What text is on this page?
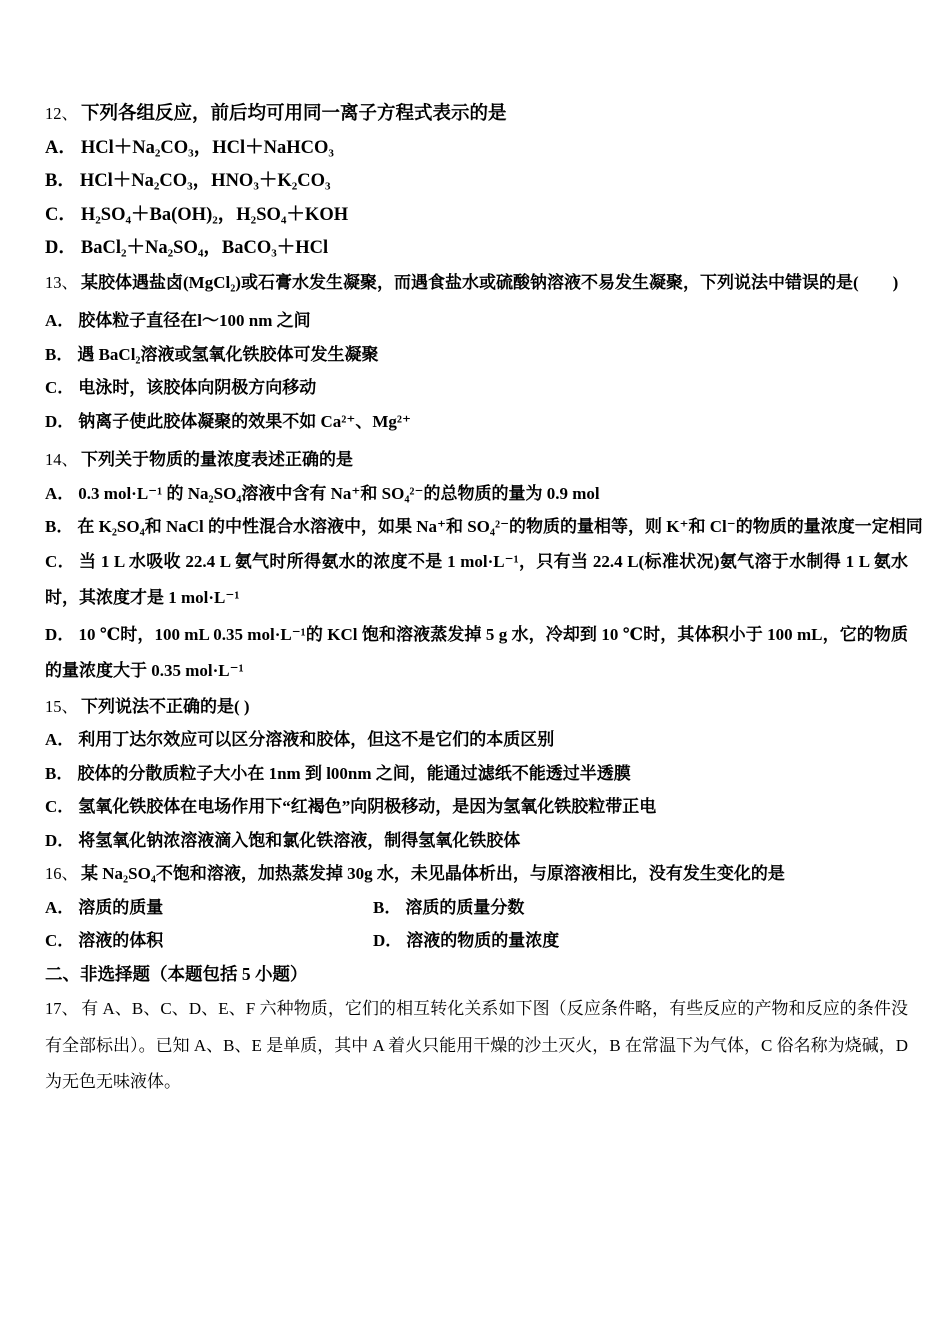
12、 下列各组反应，前后均可用同一离子方程式表示的是

A． HCl＋Na₂CO₃，HCl＋NaHCO₃

B． HCl＋Na₂CO₃，HNO₃＋K₂CO₃

C． H₂SO₄＋Ba(OH)₂，H₂SO₄＋KOH

D． BaCl₂＋Na₂SO₄，BaCO₃＋HCl

13、 某胶体遇盐卤(MgCl₂)或石膏水发生凝聚，而遇食盐水或硫酸钠溶液不易发生凝聚，下列说法中错误的是(　　)

A． 胶体粒子直径在l～100 nm 之间

B． 遇 BaCl₂溶液或氢氧化铁胶体可发生凝聚

C． 电泳时，该胶体向阴极方向移动

D． 钠离子使此胶体凝聚的效果不如 Ca²⁺、Mg²⁺

14、 下列关于物质的量浓度表述正确的是

A． 0.3 mol·L⁻¹ 的 Na₂SO₄溶液中含有 Na⁺和 SO₄²⁻的总物质的量为 0.9 mol

B． 在 K₂SO₄和 NaCl 的中性混合水溶液中，如果 Na⁺和 SO₄²⁻的物质的量相等，则 K⁺和 Cl⁻的物质的量浓度一定相同

C． 当 1 L 水吸收 22.4 L 氨气时所得氨水的浓度不是 1 mol·L⁻¹，只有当 22.4 L(标准状况)氨气溶于水制得 1 L 氨水时，其浓度才是 1 mol·L⁻¹

D． 10 ℃时，100 mL 0.35 mol·L⁻¹的 KCl 饱和溶液蒸发掉 5 g 水，冷却到 10 ℃时，其体积小于 100 mL，它的物质的量浓度大于 0.35 mol·L⁻¹

15、 下列说法不正确的是( )

A． 利用丁达尔效应可以区分溶液和胶体，但这不是它们的本质区别

B． 胶体的分散质粒子大小在 1nm 到 l00nm 之间，能通过滤纸不能透过半透膜

C． 氢氧化铁胶体在电场作用下“红褐色”向阴极移动，是因为氢氧化铁胶粒带正电

D． 将氢氧化钠浓溶液滴入饱和氯化铁溶液，制得氢氧化铁胶体

16、 某 Na₂SO₄不饱和溶液，加热蒸发掉 30g 水，未见晶体析出，与原溶液相比，没有发生变化的是

A． 溶质的质量	B． 溶质的质量分数

C． 溶液的体积	D． 溶液的物质的量浓度

二、非选择题（本题包括 5 小题）

17、 有 A、B、C、D、E、F 六种物质，它们的相互转化关系如下图（反应条件略，有些反应的产物和反应的条件没有全部标出）。已知 A、B、E 是单质，其中 A 着火只能用干燥的沙土灭火，B 在常温下为气体，C 俗名称为烧碱，D 为无色无味液体。
